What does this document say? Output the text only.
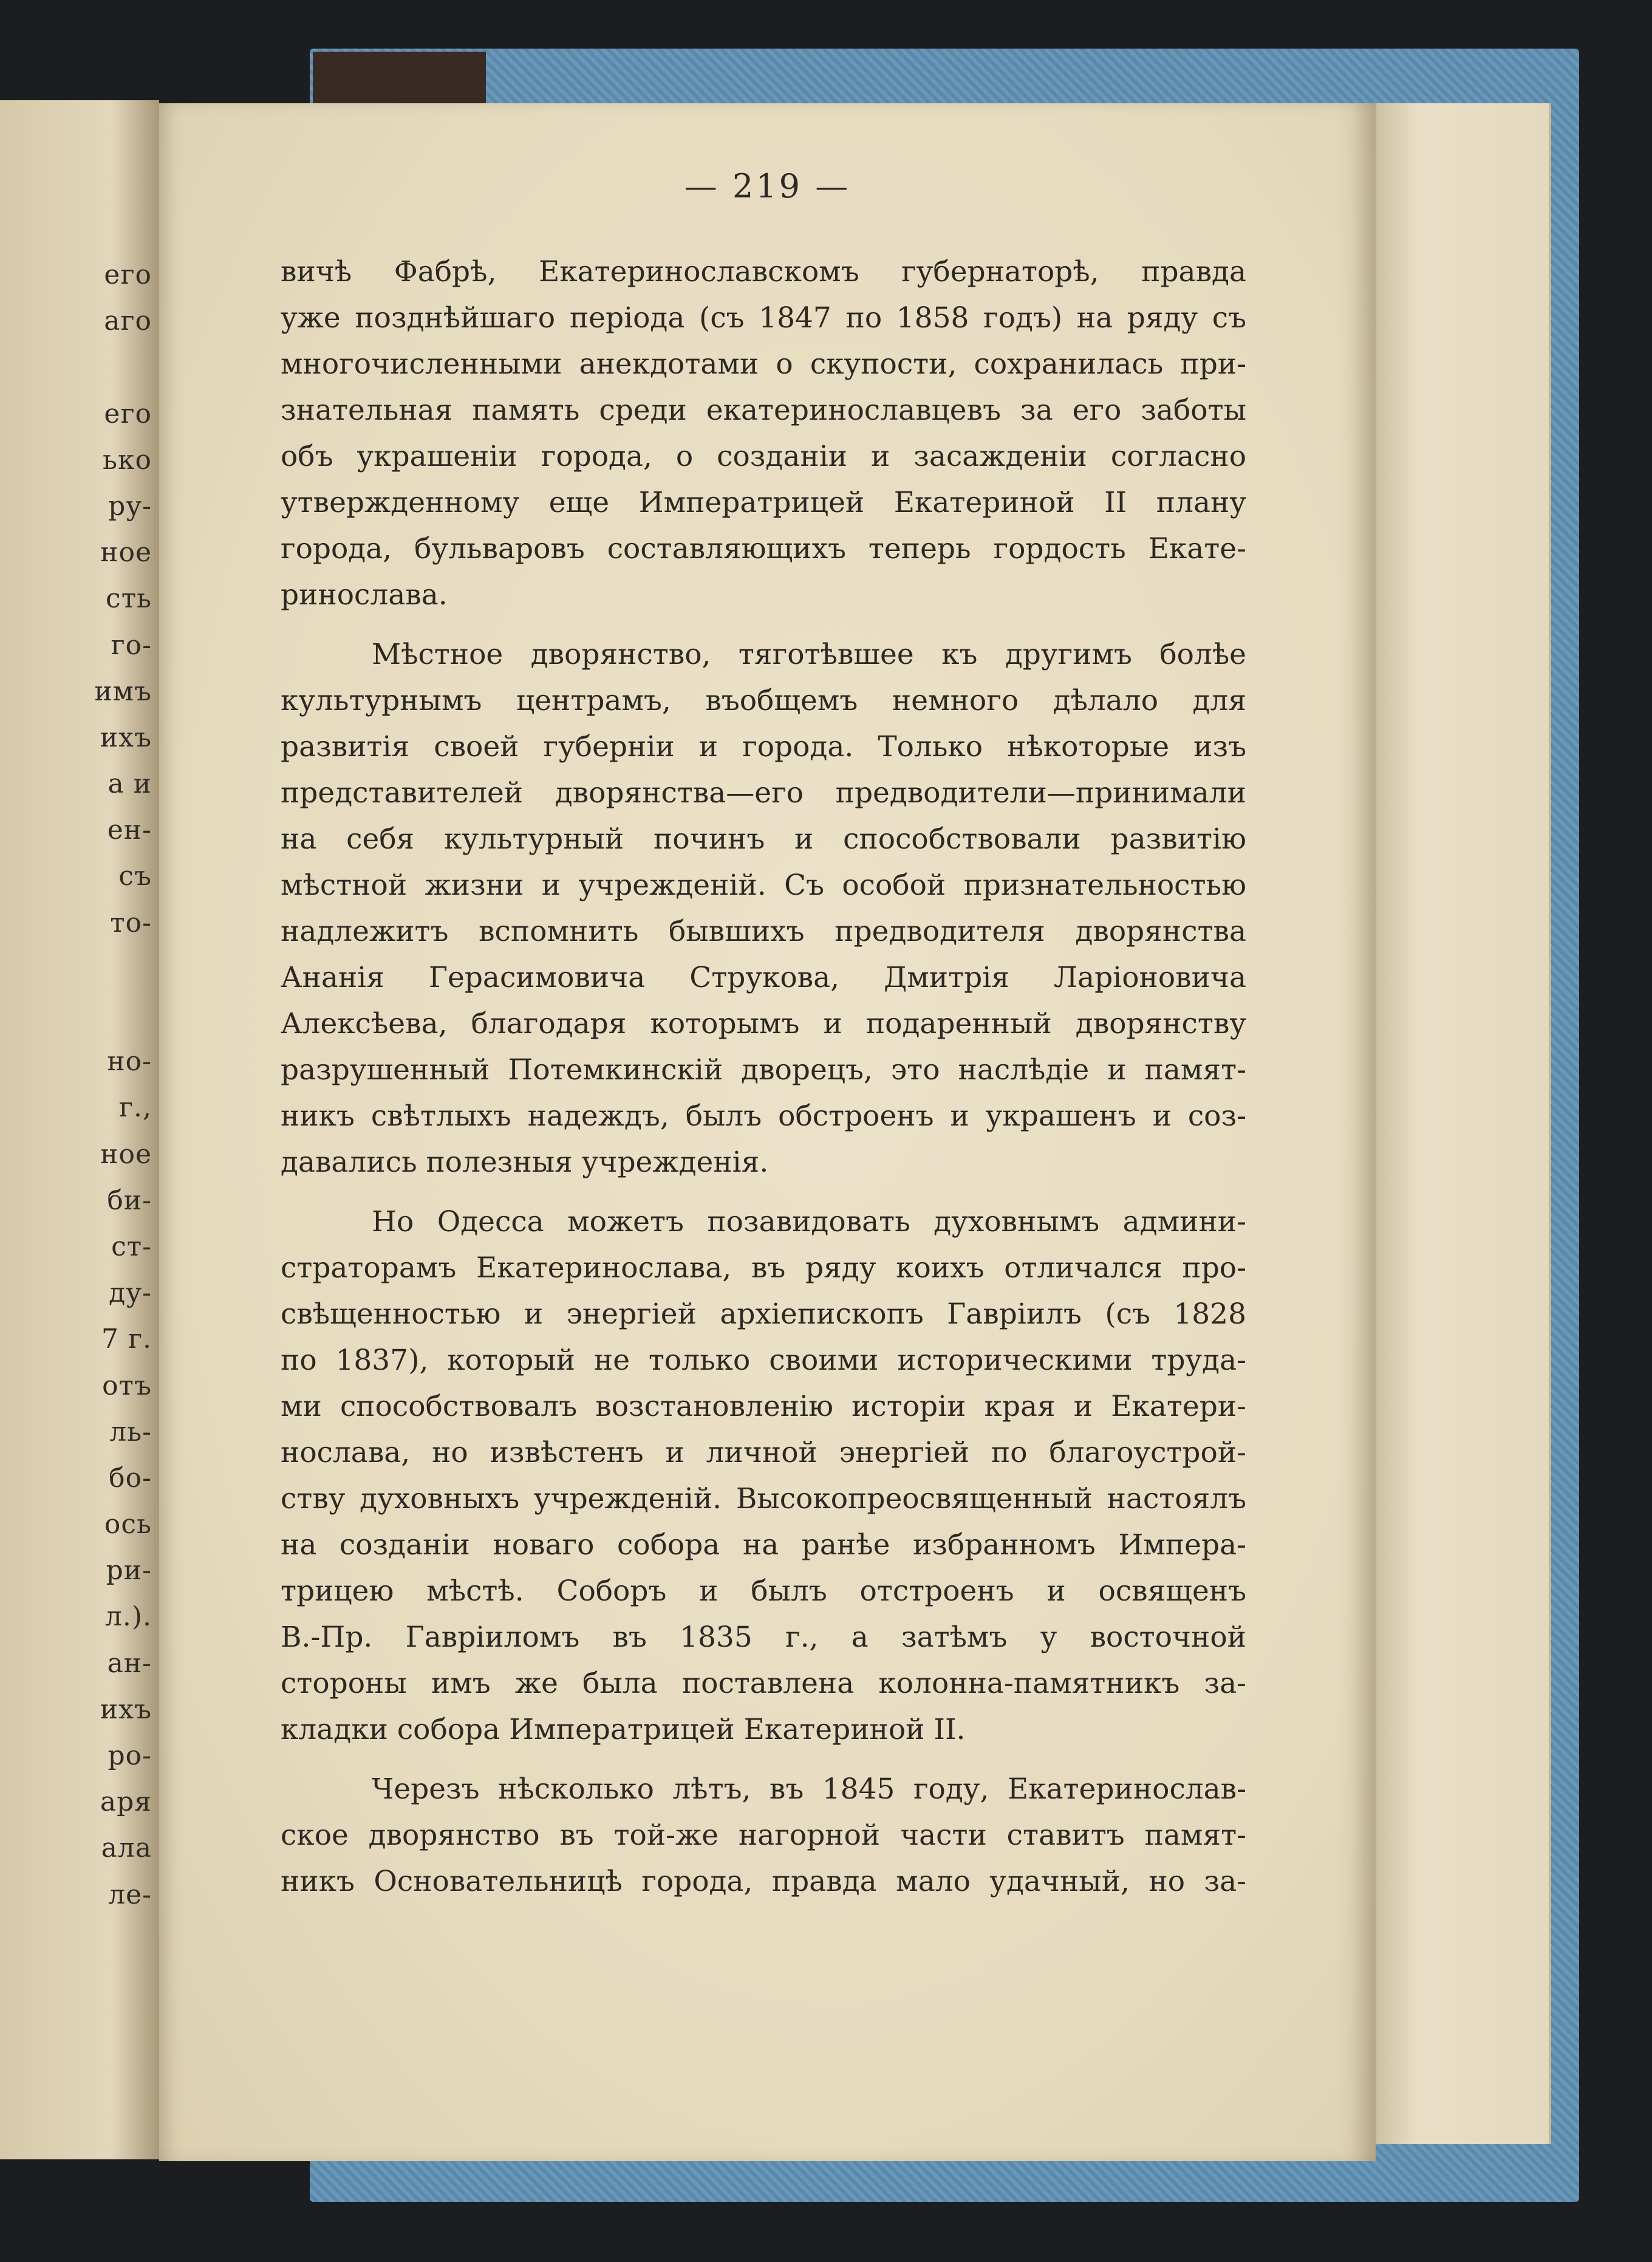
его
аго
его
ько
ру-
ное
сть
го-
имъ
ихъ
а и
ен-
съ
то-
но-
г.,
ное
би-
ст-
ду-
7 г.
отъ
ль-
бо-
ось
ри-
л.).
ан-
ихъ
ро-
аря
ала
ле-
— 219 —
вичѣ Фабрѣ, Екатеринославскомъ губернаторѣ, правда
уже позднѣйшаго періода (съ 1847 по 1858 годъ) на ряду съ
многочисленными анекдотами о скупости, сохранилась при-
знательная память среди екатеринославцевъ за его заботы
объ украшеніи города, о созданіи и засажденіи согласно
утвержденному еще Императрицей Екатериной II плану
города, бульваровъ составляющихъ теперь гордость Екате-
ринослава.
Мѣстное дворянство, тяготѣвшее къ другимъ болѣе
культурнымъ центрамъ, въобщемъ немного дѣлало для
развитія своей губерніи и города. Только нѣкоторые изъ
представителей дворянства—его предводители—принимали
на себя культурный починъ и способствовали развитію
мѣстной жизни и учрежденій. Съ особой признательностью
надлежитъ вспомнить бывшихъ предводителя дворянства
Ананія Герасимовича Струкова, Дмитрія Ларіоновича
Алексѣева, благодаря которымъ и подаренный дворянству
разрушенный Потемкинскій дворецъ, это наслѣдіе и памят-
никъ свѣтлыхъ надеждъ, былъ обстроенъ и украшенъ и соз-
давались полезныя учрежденія.
Но Одесса можетъ позавидовать духовнымъ админи-
страторамъ Екатеринослава, въ ряду коихъ отличался про-
свѣщенностью и энергіей архіепископъ Гавріилъ (съ 1828
по 1837), который не только своими историческими труда-
ми способствовалъ возстановленію исторіи края и Екатери-
нослава, но извѣстенъ и личной энергіей по благоустрой-
ству духовныхъ учрежденій. Высокопреосвященный настоялъ
на созданіи новаго собора на ранѣе избранномъ Импера-
трицею мѣстѣ. Соборъ и былъ отстроенъ и освященъ
В.-Пр. Гавріиломъ въ 1835 г., а затѣмъ у восточной
стороны имъ же была поставлена колонна-памятникъ за-
кладки собора Императрицей Екатериной II.
Черезъ нѣсколько лѣтъ, въ 1845 году, Екатеринослав-
ское дворянство въ той-же нагорной части ставитъ памят-
никъ Основательницѣ города, правда мало удачный, но за-
